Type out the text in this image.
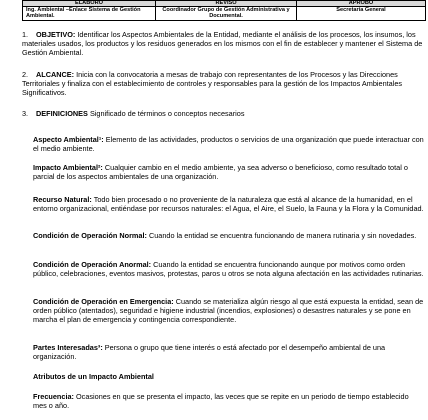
ELABORO	REVISO	APROBO
Ing. Ambiental –Enlace Sistema de Gestión Ambiental.	Coordinador Grupo de Gestión Administrativa y Documental.	Secretaría General
1. OBJETIVO: Identificar los Aspectos Ambientales de la Entidad, mediante el análisis de los procesos, los insumos, los materiales usados, los productos y los residuos generados en los mismos con el fin de establecer y mantener el Sistema de Gestión Ambiental.
2. ALCANCE: Inicia con la convocatoria a mesas de trabajo con representantes de los Procesos y las Direcciones Territoriales y finaliza con el establecimiento de controles y responsables para la gestión de los Impactos Ambientales Significativos.
3. DEFINICIONES Significado de términos o conceptos necesarios
Aspecto Ambiental¹: Elemento de las actividades, productos o servicios de una organización que puede interactuar con el medio ambiente.
Impacto Ambiental²: Cualquier cambio en el medio ambiente, ya sea adverso o beneficioso, como resultado total o parcial de los aspectos ambientales de una organización.
Recurso Natural: Todo bien procesado o no proveniente de la naturaleza que está al alcance de la humanidad, en el entorno organizacional, entiéndase por recursos naturales: el Agua, el Aire, el Suelo, la Fauna y la Flora y la Comunidad.
Condición de Operación Normal: Cuando la entidad se encuentra funcionando de manera rutinaria y sin novedades.
Condición de Operación Anormal: Cuando la entidad se encuentra funcionando aunque por motivos como orden público, celebraciones, eventos masivos, protestas, paros u otros se nota alguna afectación en las actividades rutinarias.
Condición de Operación en Emergencia: Cuando se materializa algún riesgo al que está expuesta la entidad, sean de orden público (atentados), seguridad e higiene industrial (incendios, explosiones) o desastres naturales y se pone en marcha el plan de emergencia y contingencia correspondiente.
Partes Interesadas³: Persona o grupo que tiene interés o está afectado por el desempeño ambiental de una organización.
Atributos de un Impacto Ambiental
Frecuencia: Ocasiones en que se presenta el impacto, las veces que se repite en un periodo de tiempo establecido mes o año.
